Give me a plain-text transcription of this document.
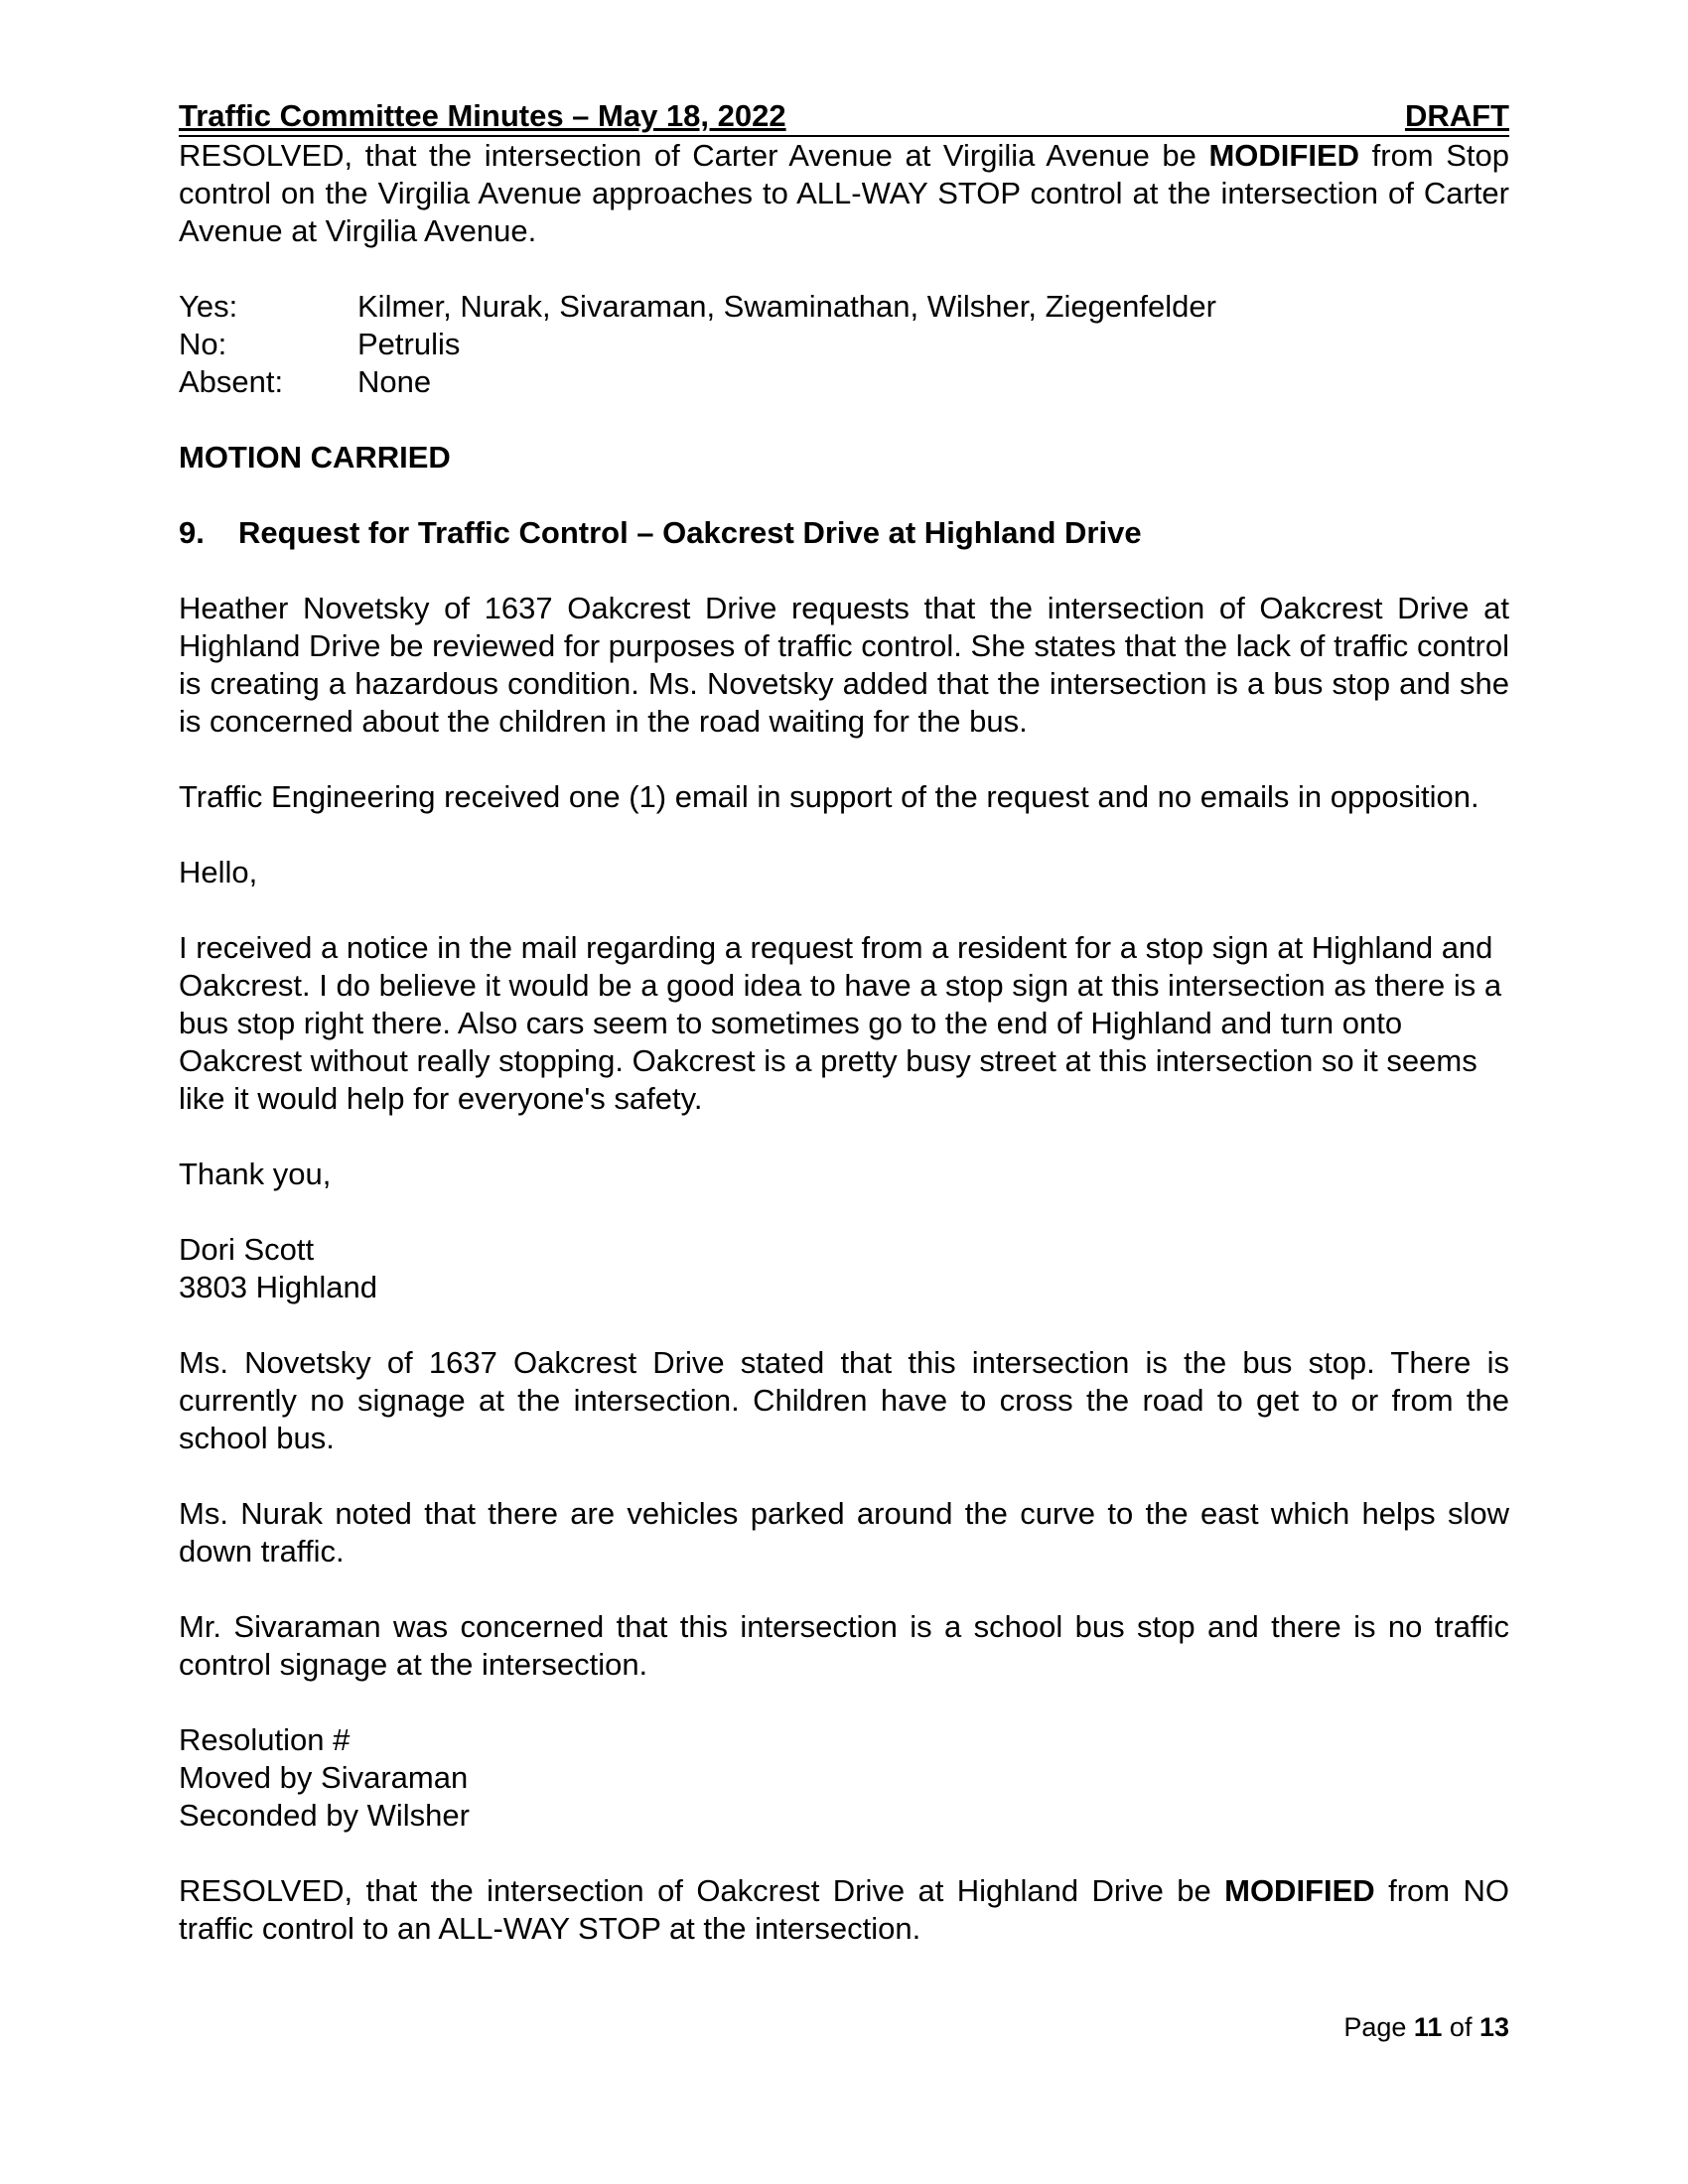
Traffic Committee Minutes – May 18, 2022	DRAFT

RESOLVED, that the intersection of Carter Avenue at Virgilia Avenue be MODIFIED from Stop control on the Virgilia Avenue approaches to ALL-WAY STOP control at the intersection of Carter Avenue at Virgilia Avenue.

Yes:	Kilmer, Nurak, Sivaraman, Swaminathan, Wilsher, Ziegenfelder
No:	Petrulis
Absent:	None
MOTION CARRIED
9.	Request for Traffic Control – Oakcrest Drive at Highland Drive

Heather Novetsky of 1637 Oakcrest Drive requests that the intersection of Oakcrest Drive at Highland Drive be reviewed for purposes of traffic control. She states that the lack of traffic control is creating a hazardous condition. Ms. Novetsky added that the intersection is a bus stop and she is concerned about the children in the road waiting for the bus.

Traffic Engineering received one (1) email in support of the request and no emails in opposition.

Hello,

I received a notice in the mail regarding a request from a resident for a stop sign at Highland and Oakcrest. I do believe it would be a good idea to have a stop sign at this intersection as there is a bus stop right there. Also cars seem to sometimes go to the end of Highland and turn onto Oakcrest without really stopping. Oakcrest is a pretty busy street at this intersection so it seems like it would help for everyone's safety.

Thank you,

Dori Scott

3803 Highland

Ms. Novetsky of 1637 Oakcrest Drive stated that this intersection is the bus stop. There is currently no signage at the intersection. Children have to cross the road to get to or from the school bus.

Ms. Nurak noted that there are vehicles parked around the curve to the east which helps slow down traffic.

Mr. Sivaraman was concerned that this intersection is a school bus stop and there is no traffic control signage at the intersection.

Resolution #

Moved by Sivaraman

Seconded by Wilsher

RESOLVED, that the intersection of Oakcrest Drive at Highland Drive be MODIFIED from NO traffic control to an ALL-WAY STOP at the intersection.

Page 11 of 13
